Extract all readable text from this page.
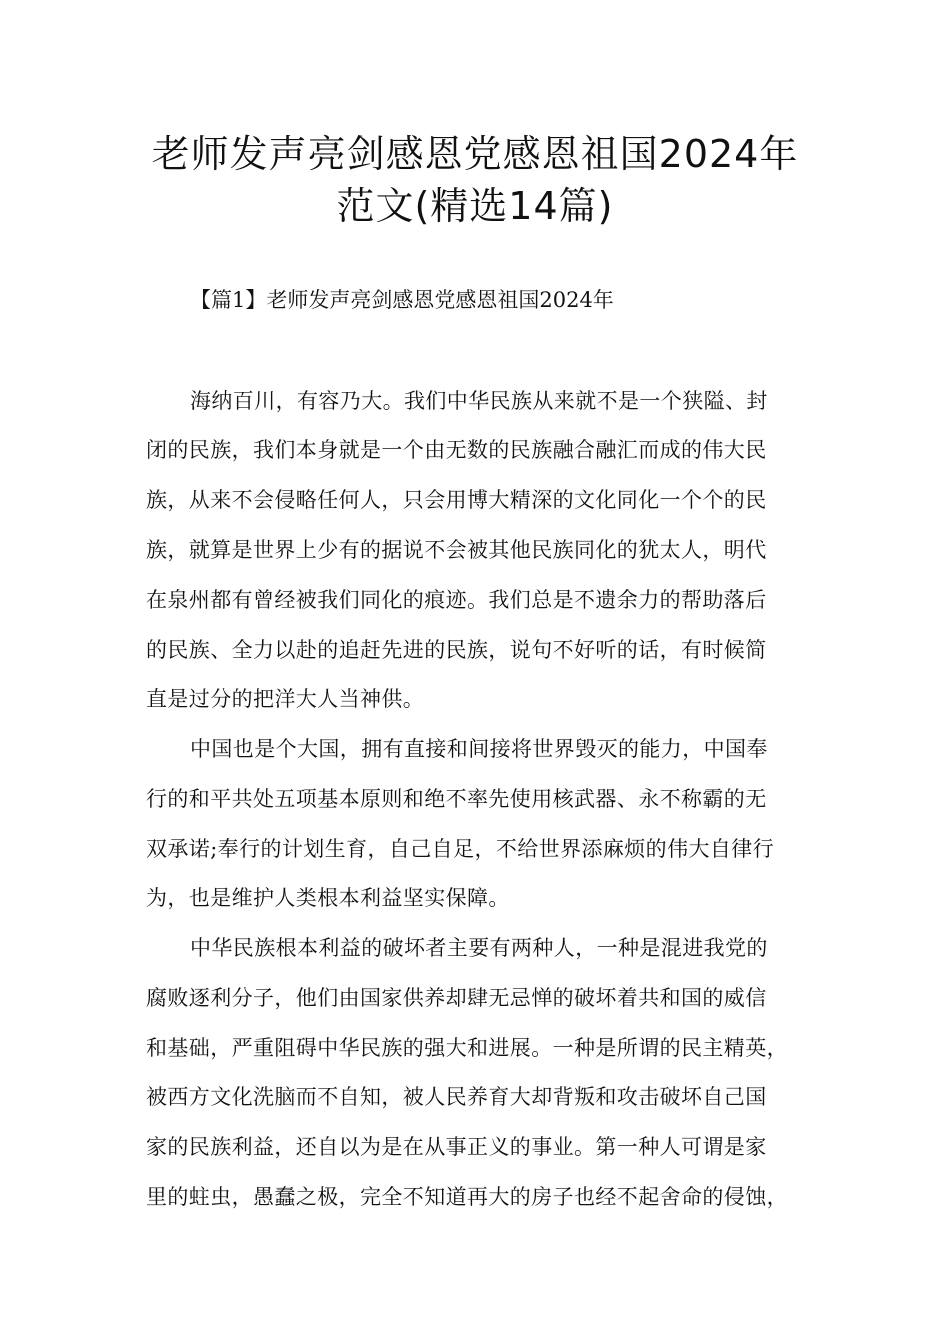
老师发声亮剑感恩党感恩祖国2024年
范文(精选14篇)
【篇1】老师发声亮剑感恩党感恩祖国2024年
海纳百川，有容乃大。我们中华民族从来就不是一个狭隘、封
闭的民族，我们本身就是一个由无数的民族融合融汇而成的伟大民
族，从来不会侵略任何人，只会用博大精深的文化同化一个个的民
族，就算是世界上少有的据说不会被其他民族同化的犹太人，明代
在泉州都有曾经被我们同化的痕迹。我们总是不遗余力的帮助落后
的民族、全力以赴的追赶先进的民族，说句不好听的话，有时候简
直是过分的把洋大人当神供。
中国也是个大国，拥有直接和间接将世界毁灭的能力，中国奉
行的和平共处五项基本原则和绝不率先使用核武器、永不称霸的无
双承诺;奉行的计划生育，自己自足，不给世界添麻烦的伟大自律行
为，也是维护人类根本利益坚实保障。
中华民族根本利益的破坏者主要有两种人，一种是混进我党的
腐败逐利分子，他们由国家供养却肆无忌惮的破坏着共和国的威信
和基础，严重阻碍中华民族的强大和进展。一种是所谓的民主精英，
被西方文化洗脑而不自知，被人民养育大却背叛和攻击破坏自己国
家的民族利益，还自以为是在从事正义的事业。第一种人可谓是家
里的蛀虫，愚蠢之极，完全不知道再大的房子也经不起舍命的侵蚀，
